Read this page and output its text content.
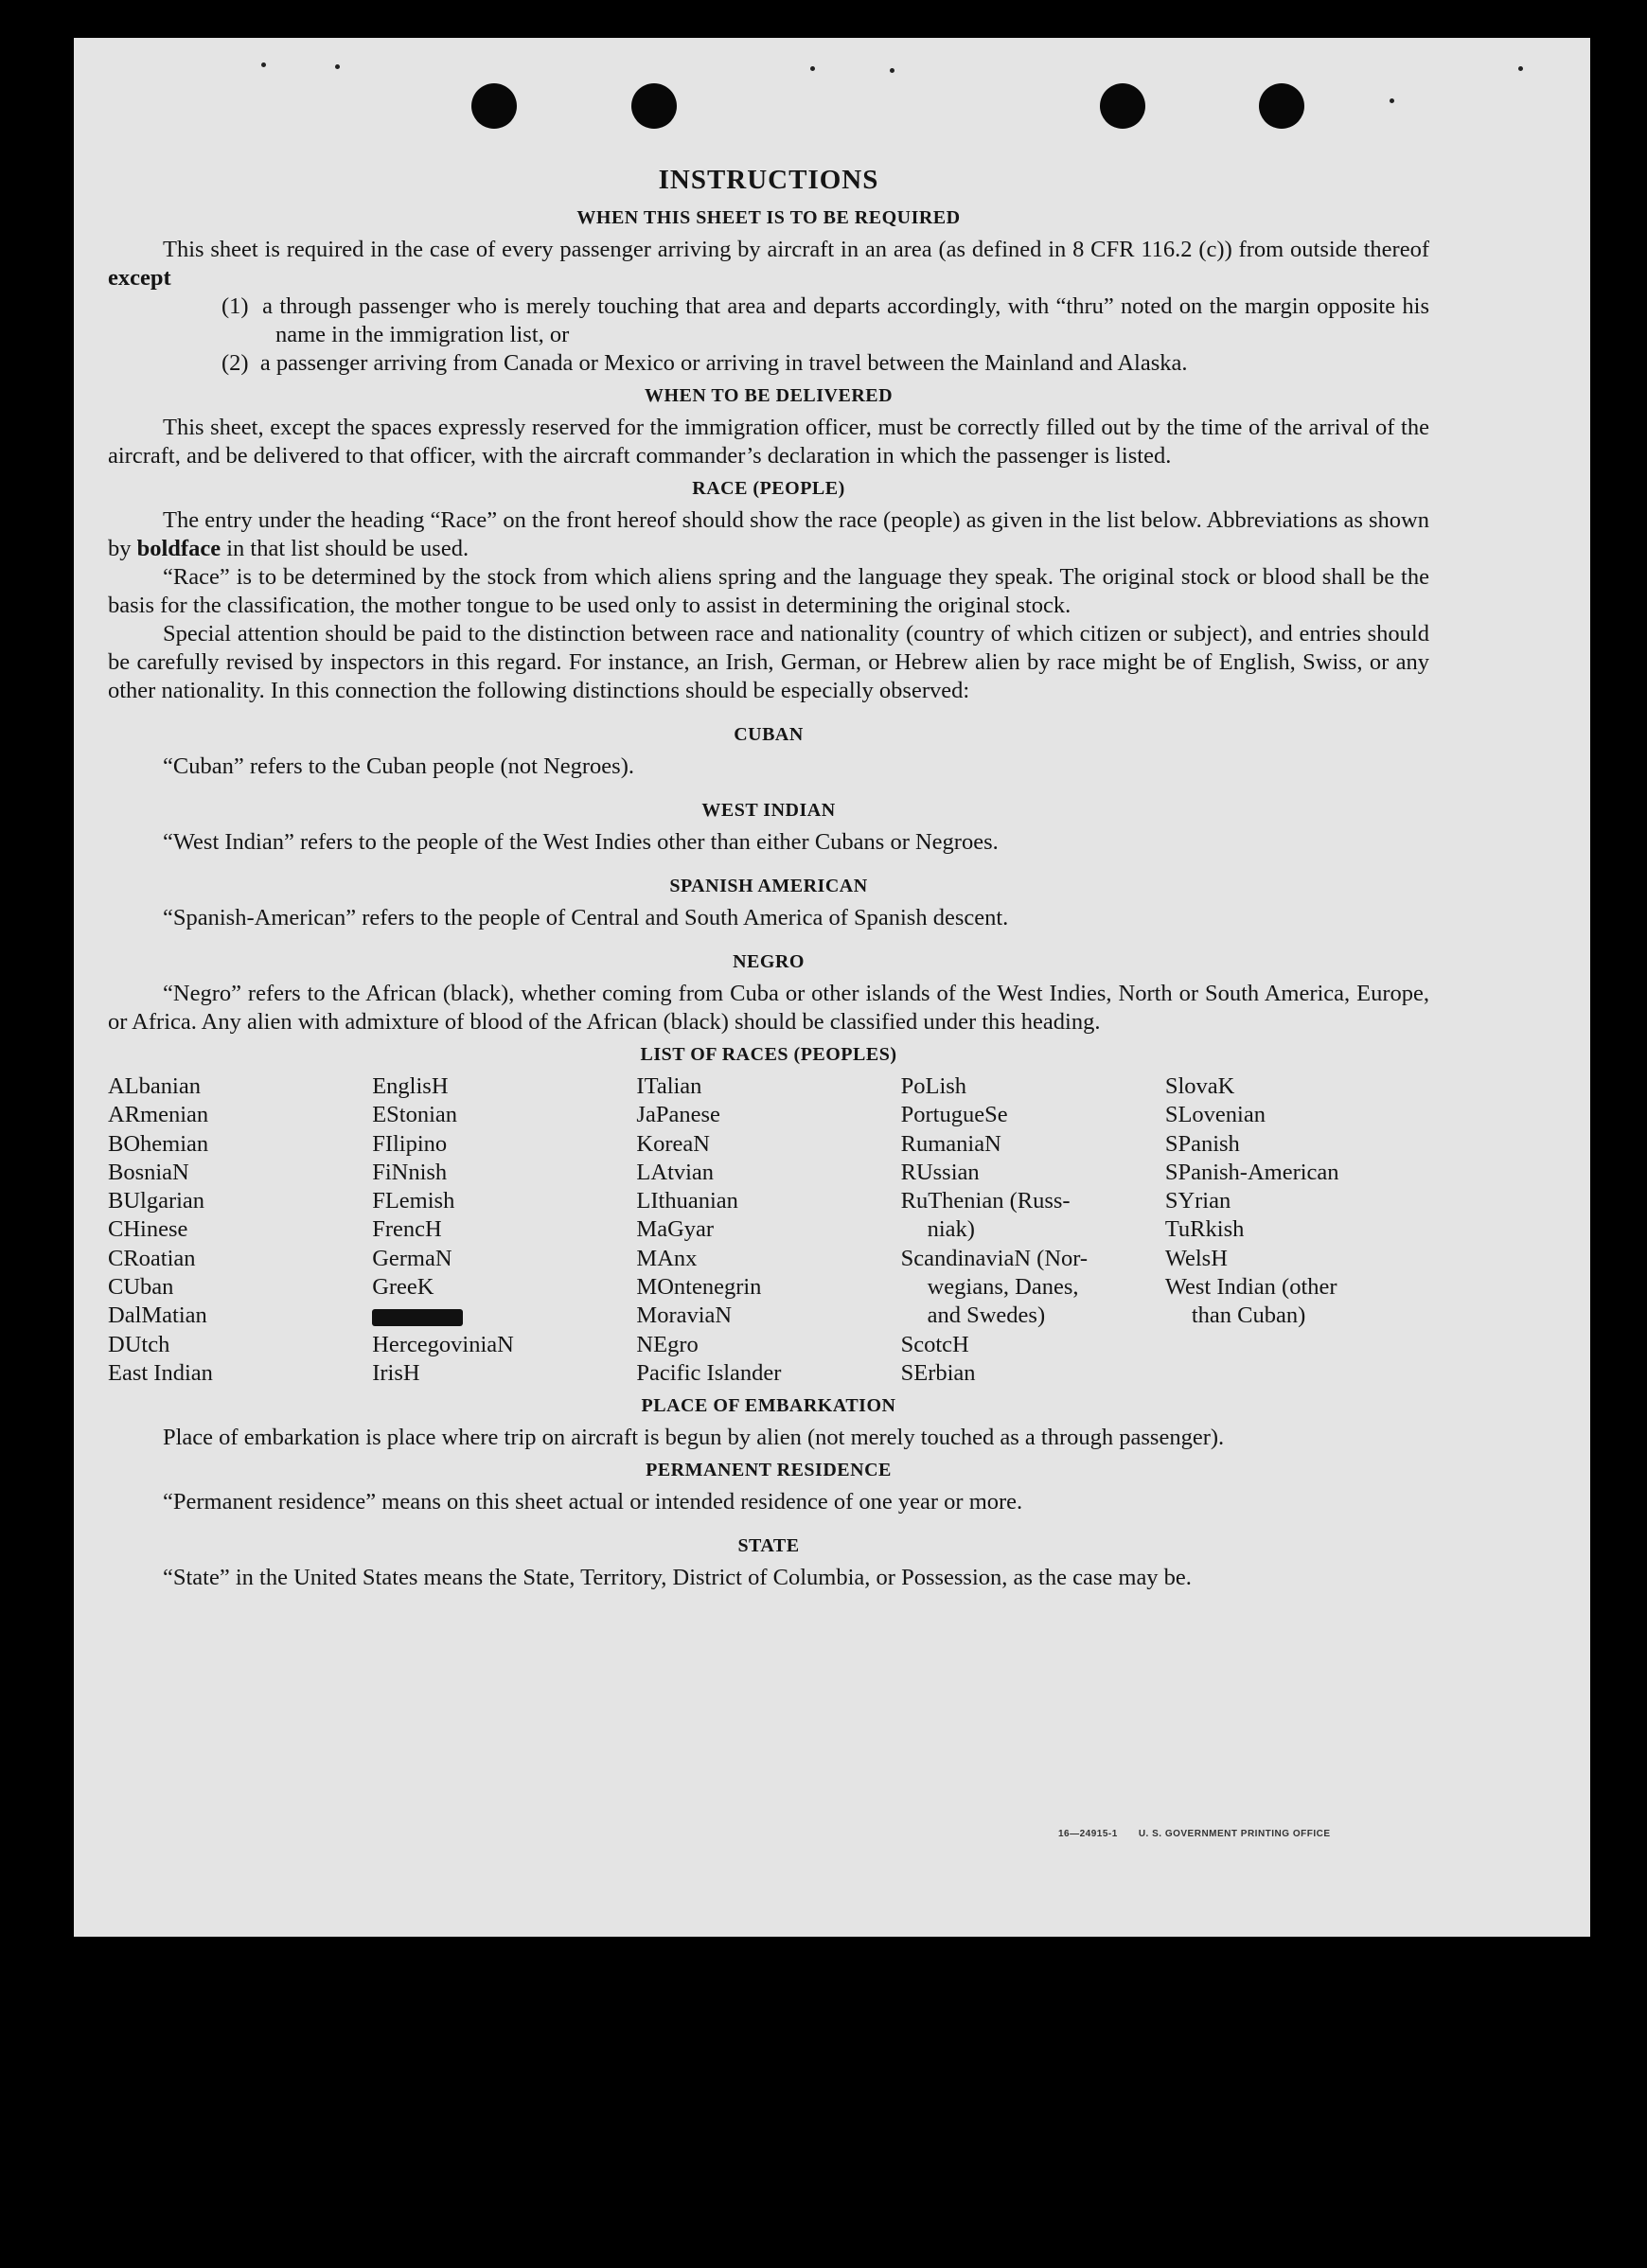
INSTRUCTIONS
WHEN THIS SHEET IS TO BE REQUIRED

This sheet is required in the case of every passenger arriving by aircraft in an area (as defined in 8 CFR 116.2 (c)) from outside thereof except

(1)  a through passenger who is merely touching that area and departs accordingly, with “thru” noted on the margin opposite his name in the immigration list, or

(2)  a passenger arriving from Canada or Mexico or arriving in travel between the Mainland and Alaska.

WHEN TO BE DELIVERED

This sheet, except the spaces expressly reserved for the immigration officer, must be correctly filled out by the time of the arrival of the aircraft, and be delivered to that officer, with the aircraft commander’s declaration in which the passenger is listed.

RACE (PEOPLE)

The entry under the heading “Race” on the front hereof should show the race (people) as given in the list below. Abbreviations as shown by boldface in that list should be used.

“Race” is to be determined by the stock from which aliens spring and the language they speak. The original stock or blood shall be the basis for the classification, the mother tongue to be used only to assist in determining the original stock.

Special attention should be paid to the distinction between race and nationality (country of which citizen or subject), and entries should be carefully revised by inspectors in this regard. For instance, an Irish, German, or Hebrew alien by race might be of English, Swiss, or any other nationality. In this connection the following distinctions should be especially observed:

CUBAN

“Cuban” refers to the Cuban people (not Negroes).

WEST INDIAN

“West Indian” refers to the people of the West Indies other than either Cubans or Negroes.

SPANISH AMERICAN

“Spanish-American” refers to the people of Central and South America of Spanish descent.

NEGRO

“Negro” refers to the African (black), whether coming from Cuba or other islands of the West Indies, North or South America, Europe, or Africa. Any alien with admixture of blood of the African (black) should be classified under this heading.

LIST OF RACES (PEOPLES)
ALbanian
ARmenian
BOhemian
BosniaN
BUlgarian
CHinese
CRoatian
CUban
DalMatian
DUtch
East Indian
EnglisH
EStonian
FIlipino
FiNnish
FLemish
FrencH
GermaN
GreeK
HercegoviniaN
IrisH
ITalian
JaPanese
KoreaN
LAtvian
LIthuanian
MaGyar
MAnx
MOntenegrin
MoraviaN
NEgro
Pacific Islander
PoLish
PortugueSe
RumaniaN
RUssian
RuThenian (Russ-
niak)
ScandinaviaN (Nor-
wegians, Danes,
and Swedes)
ScotcH
SErbian
SlovaK
SLovenian
SPanish
SPanish-American
SYrian
TuRkish
WelsH
West Indian (other
than Cuban)
PLACE OF EMBARKATION

Place of embarkation is place where trip on aircraft is begun by alien (not merely touched as a through passenger).

PERMANENT RESIDENCE

“Permanent residence” means on this sheet actual or intended residence of one year or more.

STATE

“State” in the United States means the State, Territory, District of Columbia, or Possession, as the case may be.

16—24915-1 U. S. GOVERNMENT PRINTING OFFICE
